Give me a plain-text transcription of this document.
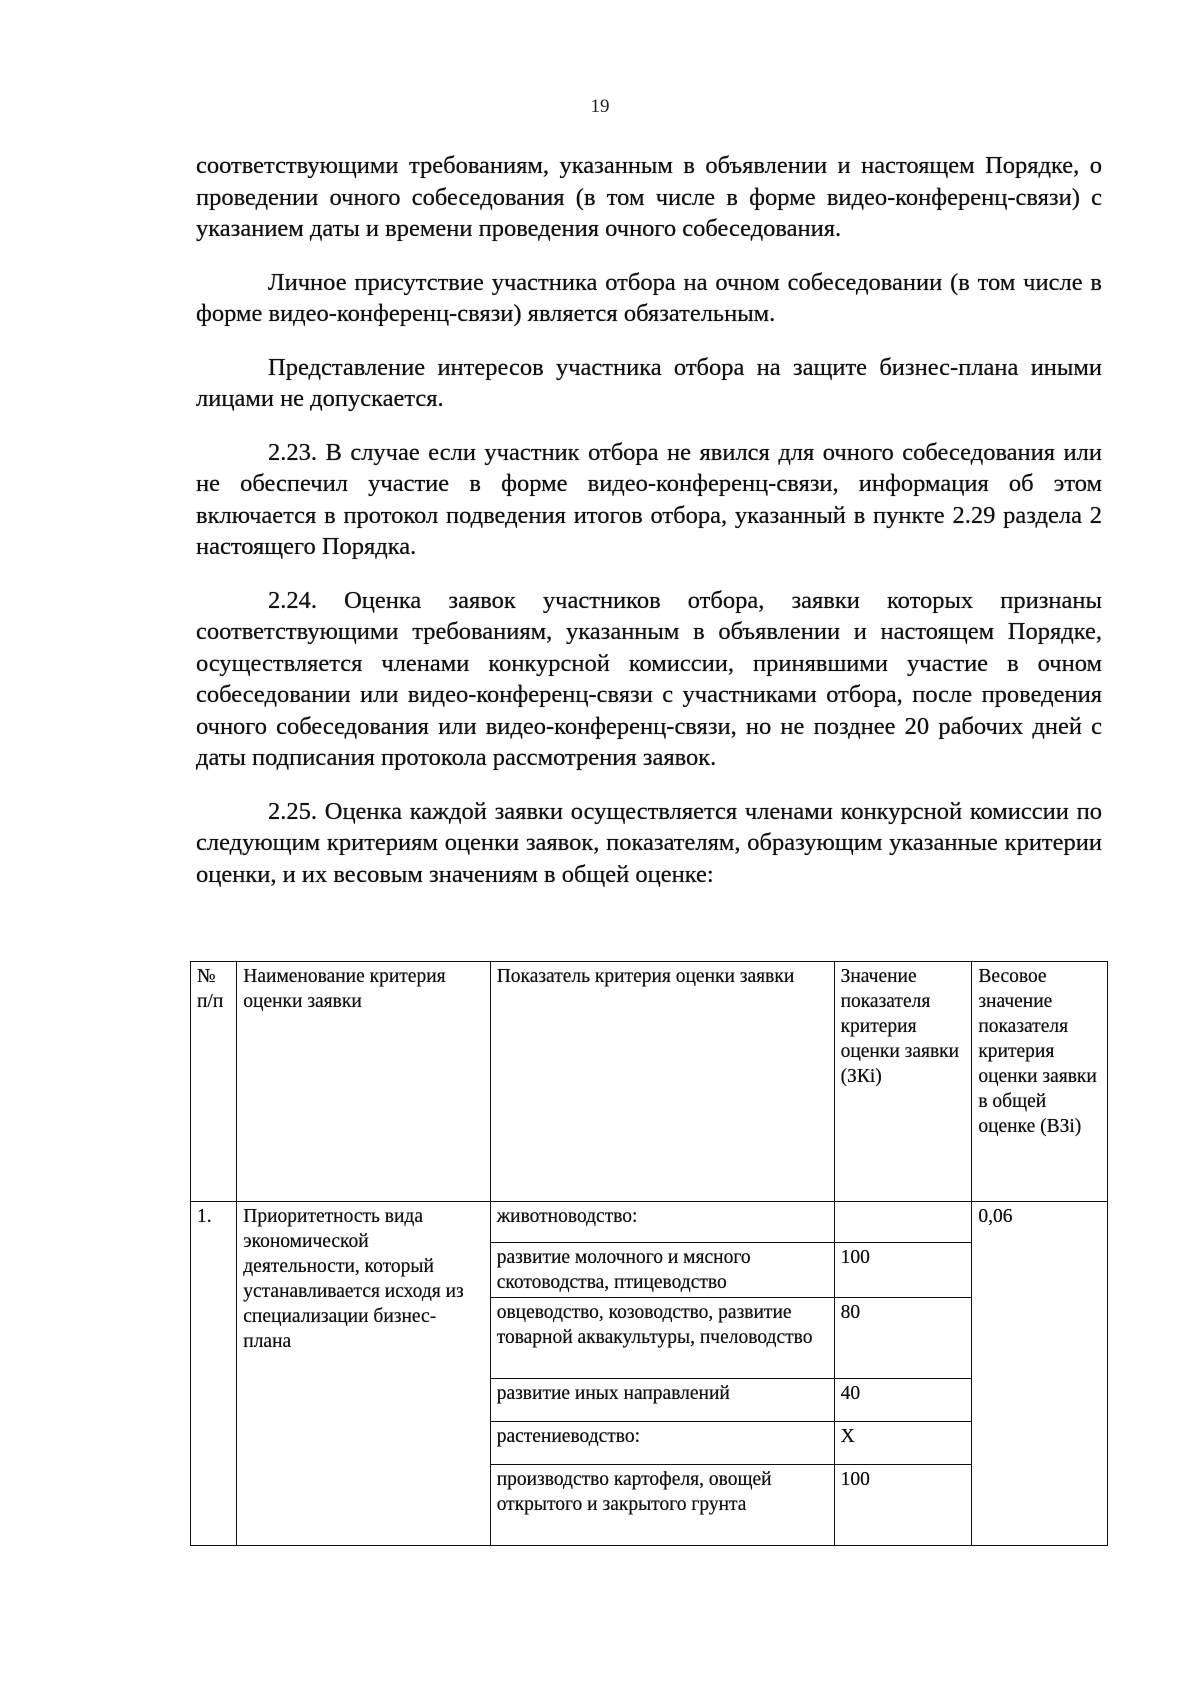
19

соответствующими требованиям, указанным в объявлении и настоящем Порядке, о проведении очного собеседования (в том числе в форме видео-конференц-связи) с указанием даты и времени проведения очного собеседования.

Личное присутствие участника отбора на очном собеседовании (в том числе в форме видео-конференц-связи) является обязательным.

Представление интересов участника отбора на защите бизнес-плана иными лицами не допускается.

2.23. В случае если участник отбора не явился для очного собеседования или не обеспечил участие в форме видео-конференц-связи, информация об этом включается в протокол подведения итогов отбора, указанный в пункте 2.29 раздела 2 настоящего Порядка.

2.24. Оценка заявок участников отбора, заявки которых признаны соответствующими требованиям, указанным в объявлении и настоящем Порядке, осуществляется членами конкурсной комиссии, принявшими участие в очном собеседовании или видео-конференц-связи с участниками отбора, после проведения очного собеседования или видео-конференц-связи, но не позднее 20 рабочих дней с даты подписания протокола рассмотрения заявок.

2.25. Оценка каждой заявки осуществляется членами конкурсной комиссии по следующим критериям оценки заявок, показателям, образующим указанные критерии оценки, и их весовым значениям в общей оценке:

№ п/п	Наименование критерия оценки заявки	Показатель критерия оценки заявки	Значение показателя критерия оценки заявки (ЗКi)	Весовое значение показателя критерия оценки заявки в общей оценке (ВЗi)
1.	Приоритетность вида экономической деятельности, который устанавливается исходя из специализации бизнес-плана	животноводство:		0,06
		развитие молочного и мясного скотоводства, птицеводство	100	
		овцеводство, козоводство, развитие товарной аквакультуры, пчеловодство	80	
		развитие иных направлений	40	
		растениеводство:	Х	
		производство картофеля, овощей открытого и закрытого грунта	100	
